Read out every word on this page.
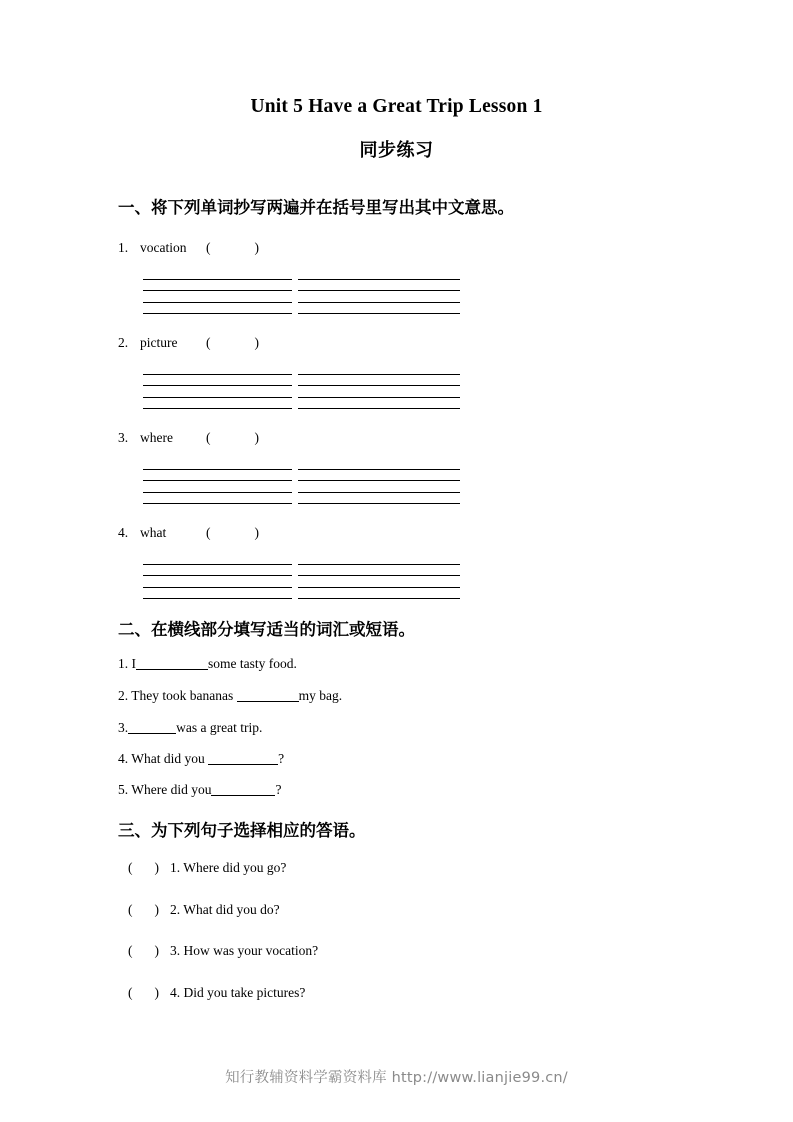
Unit 5 Have a Great Trip Lesson 1
同步练习
一、将下列单词抄写两遍并在括号里写出其中文意思。
1. vocation (	)
2. picture (	)
3. where (	)
4. what	(	)
二、在横线部分填写适当的词汇或短语。
1. I	some tasty food.
2. They took bananas	my bag.
3.	was a great trip.
4. What did you	?
5. Where did you	?
三、为下列句子选择相应的答语。
( ) 1. Where did you go?
( ) 2. What did you do?
( ) 3. How was your vocation?
( ) 4. Did you take pictures?
知行教辅资料学霸资料库 http://www.lianjie99.cn/
